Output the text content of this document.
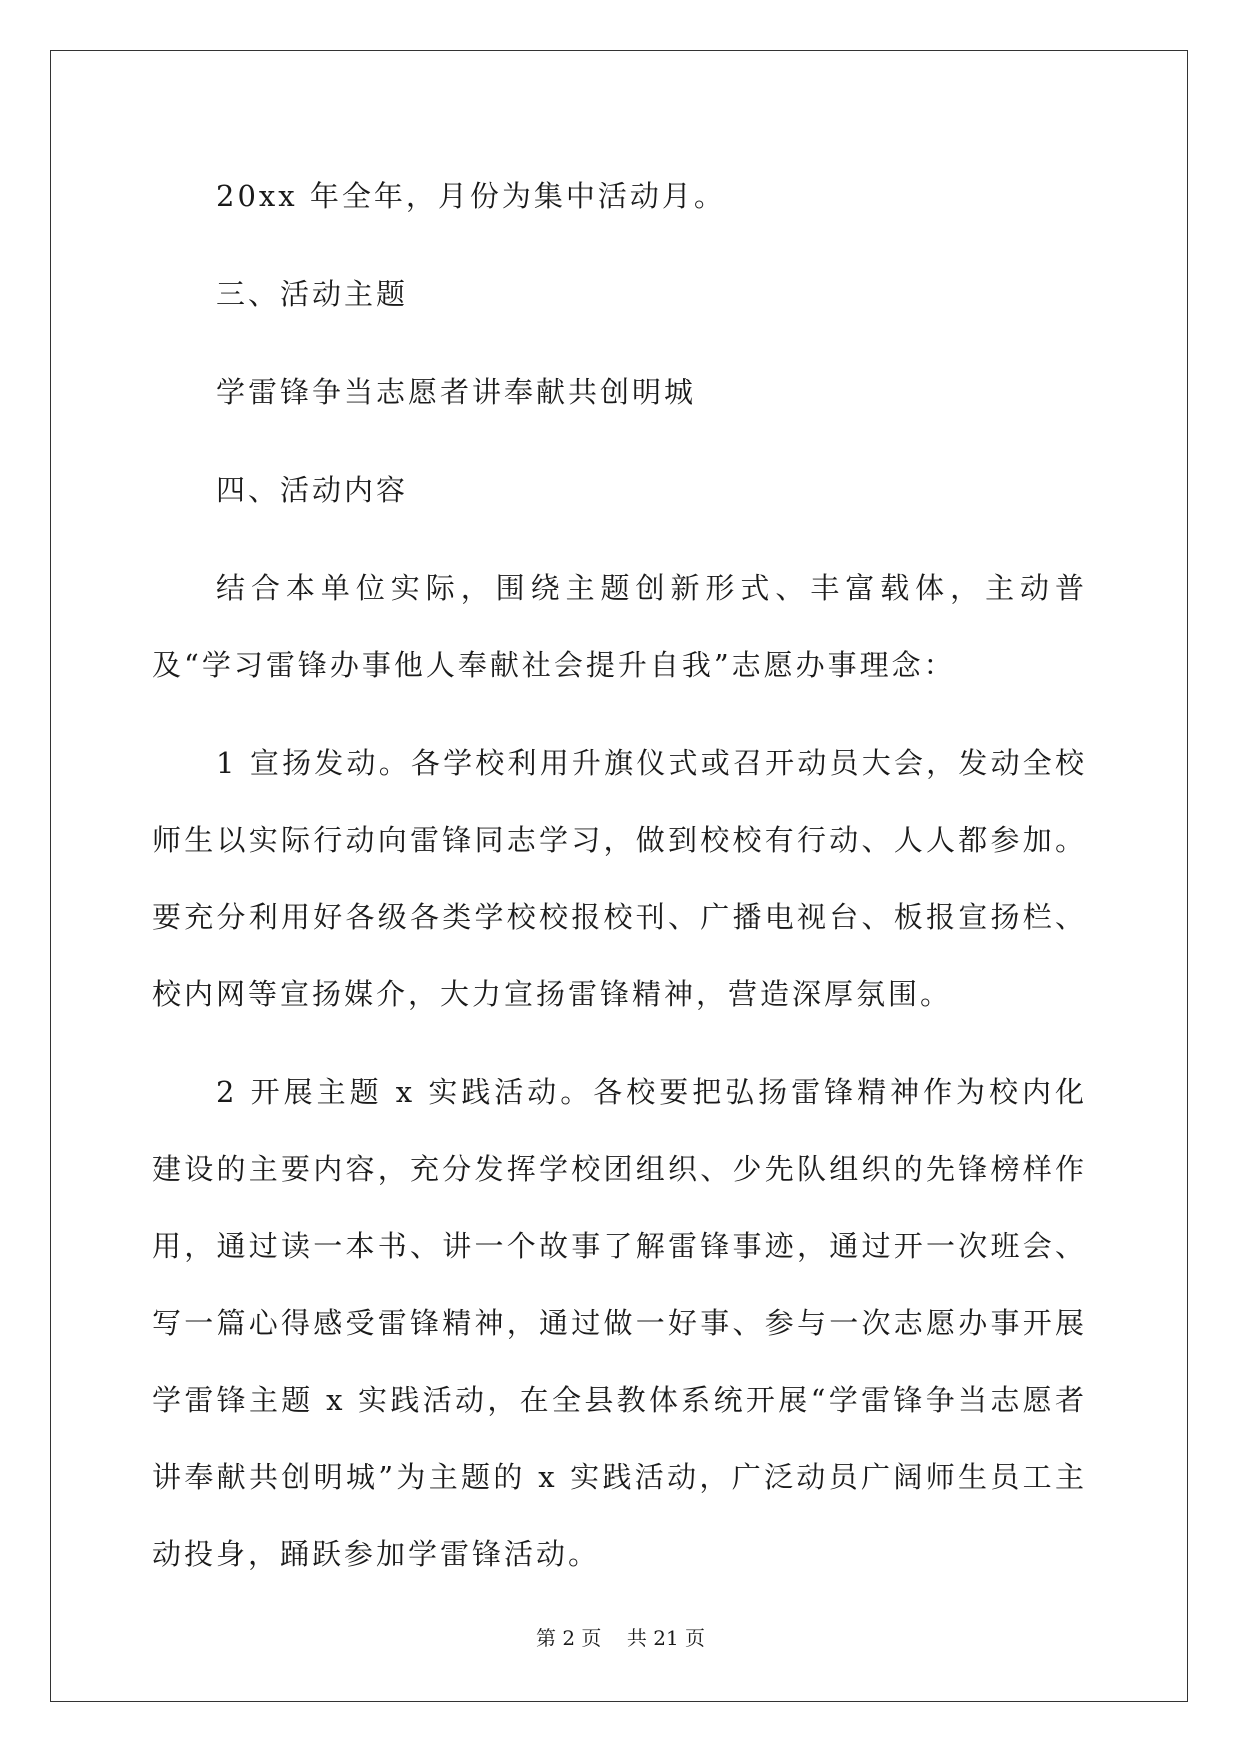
20xx 年全年，月份为集中活动月。

三、活动主题

学雷锋争当志愿者讲奉献共创明城

四、活动内容

结合本单位实际，围绕主题创新形式、丰富载体，主动普及“学习雷锋办事他人奉献社会提升自我”志愿办事理念：

1 宣扬发动。各学校利用升旗仪式或召开动员大会，发动全校师生以实际行动向雷锋同志学习，做到校校有行动、人人都参加。要充分利用好各级各类学校校报校刊、广播电视台、板报宣扬栏、校内网等宣扬媒介，大力宣扬雷锋精神，营造深厚氛围。

2 开展主题 x 实践活动。各校要把弘扬雷锋精神作为校内化建设的主要内容，充分发挥学校团组织、少先队组织的先锋榜样作用，通过读一本书、讲一个故事了解雷锋事迹，通过开一次班会、写一篇心得感受雷锋精神，通过做一好事、参与一次志愿办事开展学雷锋主题 x 实践活动，在全县教体系统开展“学雷锋争当志愿者讲奉献共创明城”为主题的 x 实践活动，广泛动员广阔师生员工主动投身，踊跃参加学雷锋活动。

第 2 页 共 21 页
